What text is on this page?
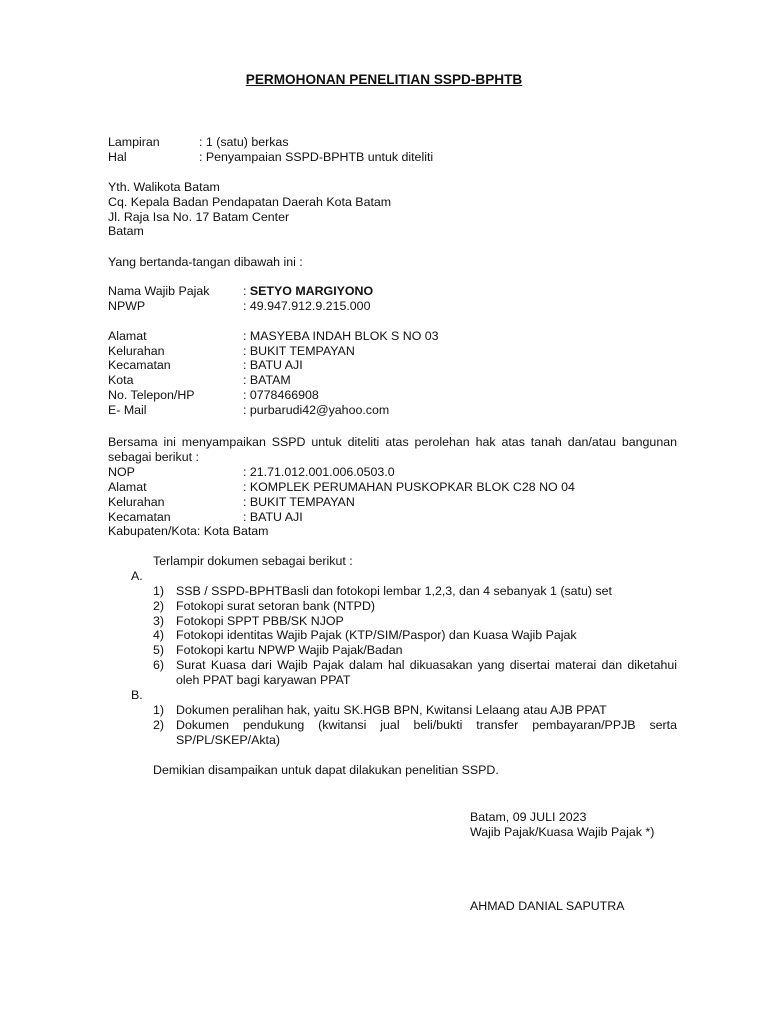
PERMOHONAN PENELITIAN SSPD-BPHTB
Lampiran	: 1 (satu) berkas
Hal	: Penyampaian SSPD-BPHTB untuk diteliti
Yth. Walikota Batam
Cq. Kepala Badan Pendapatan Daerah Kota Batam
Jl. Raja Isa No. 17 Batam Center
Batam
Yang bertanda-tangan dibawah ini :
Nama Wajib Pajak	: SETYO MARGIYONO
NPWP	: 49.947.912.9.215.000
Alamat	: MASYEBA INDAH BLOK S NO 03
Kelurahan	: BUKIT TEMPAYAN
Kecamatan	: BATU AJI
Kota	: BATAM
No. Telepon/HP	: 0778466908
E- Mail	: purbarudi42@yahoo.com
Bersama ini menyampaikan SSPD untuk diteliti atas perolehan hak atas tanah dan/atau bangunan sebagai berikut :
NOP	: 21.71.012.001.006.0503.0
Alamat	: KOMPLEK PERUMAHAN PUSKOPKAR BLOK C28 NO 04
Kelurahan	: BUKIT TEMPAYAN
Kecamatan	: BATU AJI
Kabupaten/Kota: Kota Batam
Terlampir dokumen sebagai berikut :
A.
1) SSB / SSPD-BPHTBasli dan fotokopi lembar 1,2,3, dan 4 sebanyak 1 (satu) set
2) Fotokopi surat setoran bank (NTPD)
3) Fotokopi SPPT PBB/SK NJOP
4) Fotokopi identitas Wajib Pajak (KTP/SIM/Paspor) dan Kuasa Wajib Pajak
5) Fotokopi kartu NPWP Wajib Pajak/Badan
6) Surat Kuasa dari Wajib Pajak dalam hal dikuasakan yang disertai materai dan diketahui oleh PPAT bagi karyawan PPAT
B.
1) Dokumen peralihan hak, yaitu SK.HGB BPN, Kwitansi Lelaang atau AJB PPAT
2) Dokumen pendukung (kwitansi jual beli/bukti transfer pembayaran/PPJB serta SP/PL/SKEP/Akta)
Demikian disampaikan untuk dapat dilakukan penelitian SSPD.
Batam, 09 JULI 2023
Wajib Pajak/Kuasa Wajib Pajak *)
AHMAD DANIAL SAPUTRA
